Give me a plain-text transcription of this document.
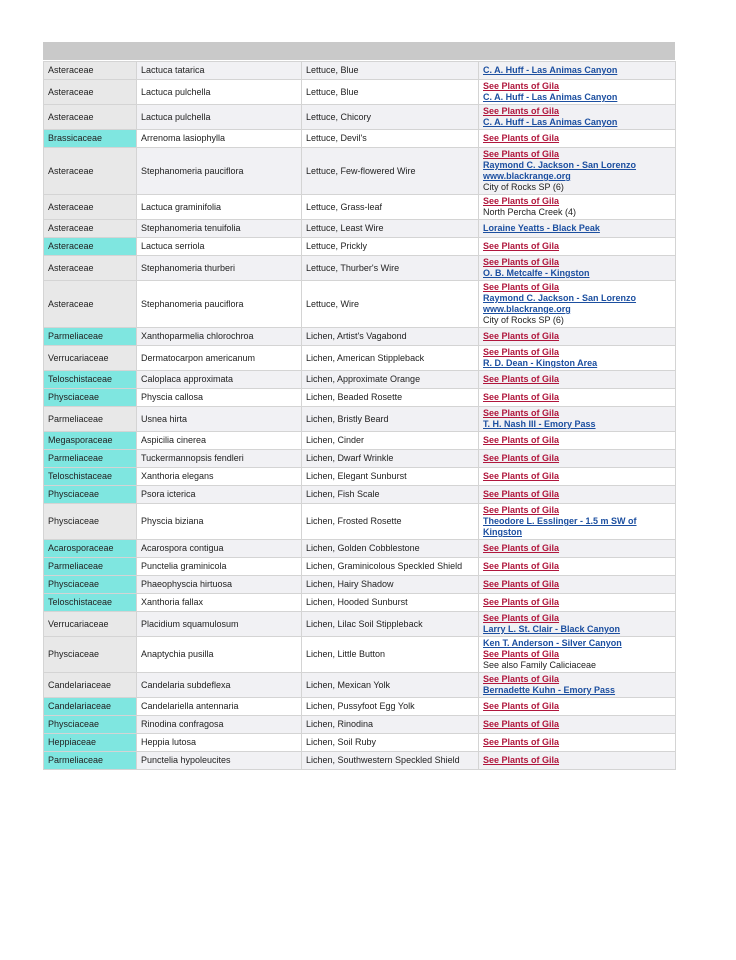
Asteraceae	Lactuca tatarica	Lettuce, Blue	C. A. Huff - Las Animas Canyon

Asteraceae	Lactuca pulchella	Lettuce, Blue	See Plants of Gila
C. A. Huff - Las Animas Canyon

Asteraceae	Lactuca pulchella	Lettuce, Chicory	See Plants of Gila
C. A. Huff - Las Animas Canyon

Brassicaceae	Arrenoma lasiophylla	Lettuce, Devil's	See Plants of Gila

Asteraceae	Stephanomeria pauciflora	Lettuce, Few-flowered Wire	See Plants of Gila
Raymond C. Jackson - San Lorenzo
www.blackrange.org
City of Rocks SP (6)

Asteraceae	Lactuca graminifolia	Lettuce, Grass-leaf	See Plants of Gila
North Percha Creek (4)

Asteraceae	Stephanomeria tenuifolia	Lettuce, Least Wire	Loraine Yeatts - Black Peak

Asteraceae	Lactuca serriola	Lettuce, Prickly	See Plants of Gila

Asteraceae	Stephanomeria thurberi	Lettuce, Thurber's Wire	See Plants of Gila
O. B. Metcalfe - Kingston

Asteraceae	Stephanomeria pauciflora	Lettuce, Wire	See Plants of Gila
Raymond C. Jackson - San Lorenzo
www.blackrange.org
City of Rocks SP (6)

Parmeliaceae	Xanthoparmelia chlorochroa	Lichen, Artist's Vagabond	See Plants of Gila

Verrucariaceae	Dermatocarpon americanum	Lichen, American Stippleback	See Plants of Gila
R. D. Dean - Kingston Area

Teloschistaceae	Caloplaca approximata	Lichen, Approximate Orange	See Plants of Gila

Physciaceae	Physcia callosa	Lichen, Beaded Rosette	See Plants of Gila

Parmeliaceae	Usnea hirta	Lichen, Bristly Beard	See Plants of Gila
T. H. Nash III - Emory Pass

Megasporaceae	Aspicilia cinerea	Lichen, Cinder	See Plants of Gila

Parmeliaceae	Tuckermannopsis fendleri	Lichen, Dwarf Wrinkle	See Plants of Gila

Teloschistaceae	Xanthoria elegans	Lichen, Elegant Sunburst	See Plants of Gila

Physciaceae	Psora icterica	Lichen, Fish Scale	See Plants of Gila

Physciaceae	Physcia biziana	Lichen, Frosted Rosette	See Plants of Gila
Theodore L. Esslinger - 1.5 m SW of Kingston

Acarosporaceae	Acarospora contigua	Lichen, Golden Cobblestone	See Plants of Gila

Parmeliaceae	Punctelia graminicola	Lichen, Graminicolous Speckled Shield	See Plants of Gila

Physciaceae	Phaeophyscia hirtuosa	Lichen, Hairy Shadow	See Plants of Gila

Teloschistaceae	Xanthoria fallax	Lichen, Hooded Sunburst	See Plants of Gila

Verrucariaceae	Placidium squamulosum	Lichen, Lilac Soil Stippleback	See Plants of Gila
Larry L. St. Clair - Black Canyon

Physciaceae	Anaptychia pusilla	Lichen, Little Button	Ken T. Anderson - Silver Canyon
See Plants of Gila
See also Family Caliciaceae

Candelariaceae	Candelaria subdeflexa	Lichen, Mexican Yolk	See Plants of Gila
Bernadette Kuhn - Emory Pass

Candelariaceae	Candelariella antennaria	Lichen, Pussyfoot Egg Yolk	See Plants of Gila

Physciaceae	Rinodina confragosa	Lichen, Rinodina	See Plants of Gila

Heppiaceae	Heppia lutosa	Lichen, Soil Ruby	See Plants of Gila

Parmeliaceae	Punctelia hypoleucites	Lichen, Southwestern Speckled Shield	See Plants of Gila
